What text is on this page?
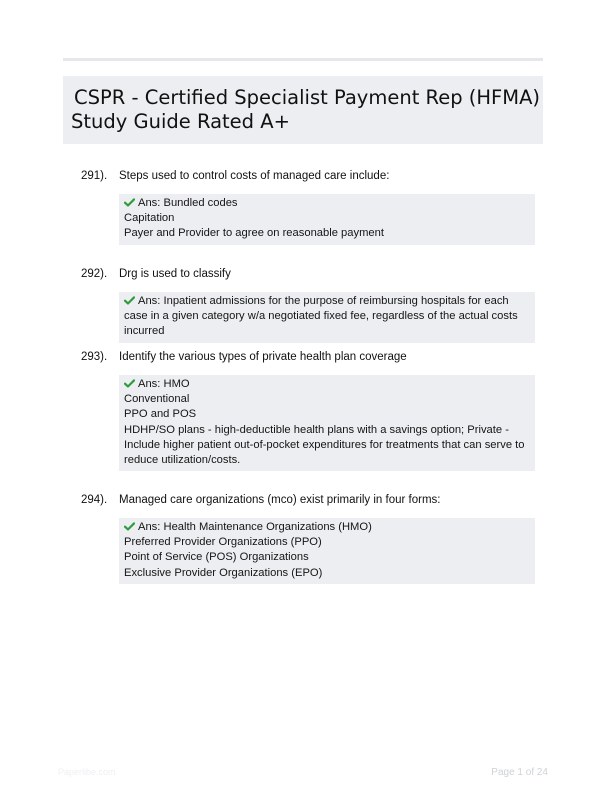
CSPR - Certified Specialist Payment Rep (HFMA)
Study Guide Rated A+
291).	Steps used to control costs of managed care include:
Ans: Bundled codes
Capitation
Payer and Provider to agree on reasonable payment
292).	Drg is used to classify
Ans: Inpatient admissions for the purpose of reimbursing hospitals for each case in a given category w/a negotiated fixed fee, regardless of the actual costs incurred
293).	Identify the various types of private health plan coverage
Ans: HMO
Conventional
PPO and POS
HDHP/SO plans - high-deductible health plans with a savings option; Private - Include higher patient out-of-pocket expenditures for treatments that can serve to reduce utilization/costs.
294).	Managed care organizations (mco) exist primarily in four forms:
Ans: Health Maintenance Organizations (HMO)
Preferred Provider Organizations (PPO)
Point of Service (POS) Organizations
Exclusive Provider Organizations (EPO)
Paperlibe.com	Page 1 of 24
